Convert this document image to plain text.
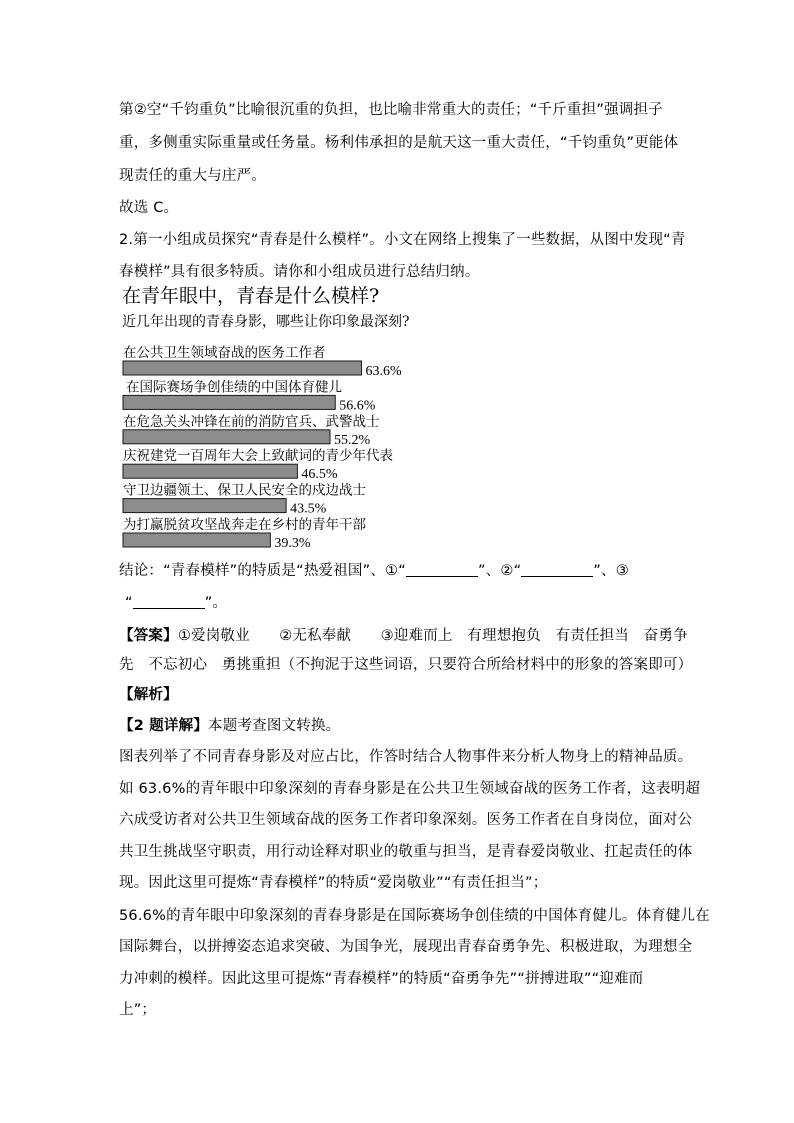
第②空“千钧重负”比喻很沉重的负担，也比喻非常重大的责任；“千斤重担”强调担子
重，多侧重实际重量或任务量。杨利伟承担的是航天这一重大责任，“千钧重负”更能体
现责任的重大与庄严。
故选 C。
2.第一小组成员探究“青春是什么模样”。小文在网络上搜集了一些数据，从图中发现“青
春模样”具有很多特质。请你和小组成员进行总结归纳。
在青年眼中，青春是什么模样?
近几年出现的青春身影，哪些让你印象最深刻?
在公共卫生领域奋战的医务工作者
63.6%
在国际赛场争创佳绩的中国体育健儿
56.6%
在危急关头冲锋在前的消防官兵、武警战士
55.2%
庆祝建党一百周年大会上致献词的青少年代表
46.5%
守卫边疆领土、保卫人民安全的戍边战士
43.5%
为打赢脱贫攻坚战奔走在乡村的青年干部
39.3%
结论：“青春模样”的特质是“热爱祖国”、①“	”、②“	”、③
“	”。
【答案】①爱岗敬业　　②无私奉献　　③迎难而上　有理想抱负　有责任担当　奋勇争
先　不忘初心　勇挑重担（不拘泥于这些词语，只要符合所给材料中的形象的答案即可）
【解析】
【2 题详解】本题考查图文转换。
图表列举了不同青春身影及对应占比，作答时结合人物事件来分析人物身上的精神品质。
如 63.6%的青年眼中印象深刻的青春身影是在公共卫生领域奋战的医务工作者，这表明超
六成受访者对公共卫生领域奋战的医务工作者印象深刻。医务工作者在自身岗位，面对公
共卫生挑战坚守职责，用行动诠释对职业的敬重与担当，是青春爱岗敬业、扛起责任的体
现。因此这里可提炼“青春模样”的特质“爱岗敬业”“有责任担当”；
56.6%的青年眼中印象深刻的青春身影是在国际赛场争创佳绩的中国体育健儿。体育健儿在
国际舞台，以拼搏姿态追求突破、为国争光，展现出青春奋勇争先、积极进取，为理想全
力冲刺的模样。因此这里可提炼“青春模样”的特质“奋勇争先”“拼搏进取”“迎难而
上”；
